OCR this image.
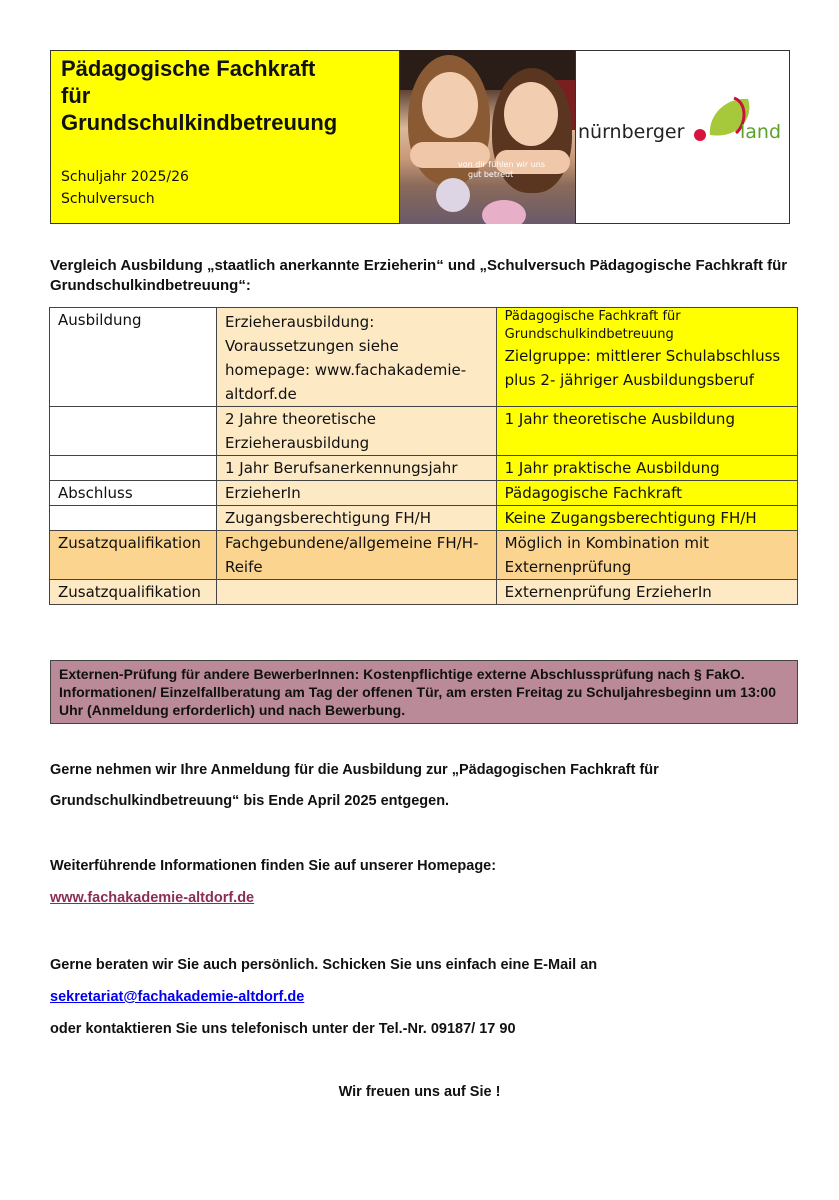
Pädagogische Fachkraft
für
Grundschulkindbetreuung
Schuljahr 2025/26
Schulversuch
von dir fühlen wir uns
gut betreut
nürnberger	land
Vergleich Ausbildung „staatlich anerkannte Erzieherin“ und „Schulversuch Pädagogische Fachkraft für Grundschulkindbetreuung“:
Ausbildung	Erzieherausbildung: Voraussetzungen siehe homepage: www.fachakademie-altdorf.de	Pädagogische Fachkraft für Grundschulkindbetreuung
Zielgruppe: mittlerer Schulabschluss plus 2- jähriger Ausbildungsberuf

	2 Jahre theoretische Erzieherausbildung	1 Jahr theoretische Ausbildung
	1 Jahr Berufsanerkennungsjahr	1 Jahr praktische Ausbildung
Abschluss	ErzieherIn	Pädagogische Fachkraft
	Zugangsberechtigung FH/H	Keine Zugangsberechtigung FH/H
Zusatzqualifikation	Fachgebundene/allgemeine FH/H-Reife	Möglich in Kombination mit Externenprüfung
Zusatzqualifikation		Externenprüfung ErzieherIn
Externen-Prüfung für andere BewerberInnen: Kostenpflichtige externe Abschlussprüfung nach § FakO. Informationen/ Einzelfallberatung am Tag der offenen Tür, am ersten Freitag zu Schuljahresbeginn um 13:00 Uhr (Anmeldung erforderlich) und nach Bewerbung.
Gerne nehmen wir Ihre Anmeldung für die Ausbildung zur „Pädagogischen Fachkraft für
Grundschulkindbetreuung“ bis Ende April 2025 entgegen.
Weiterführende Informationen finden Sie auf unserer Homepage:
www.fachakademie-altdorf.de
Gerne beraten wir Sie auch persönlich. Schicken Sie uns einfach eine E-Mail an
sekretariat@fachakademie-altdorf.de
oder kontaktieren Sie uns telefonisch unter der Tel.-Nr. 09187/ 17 90
Wir freuen uns auf Sie !
